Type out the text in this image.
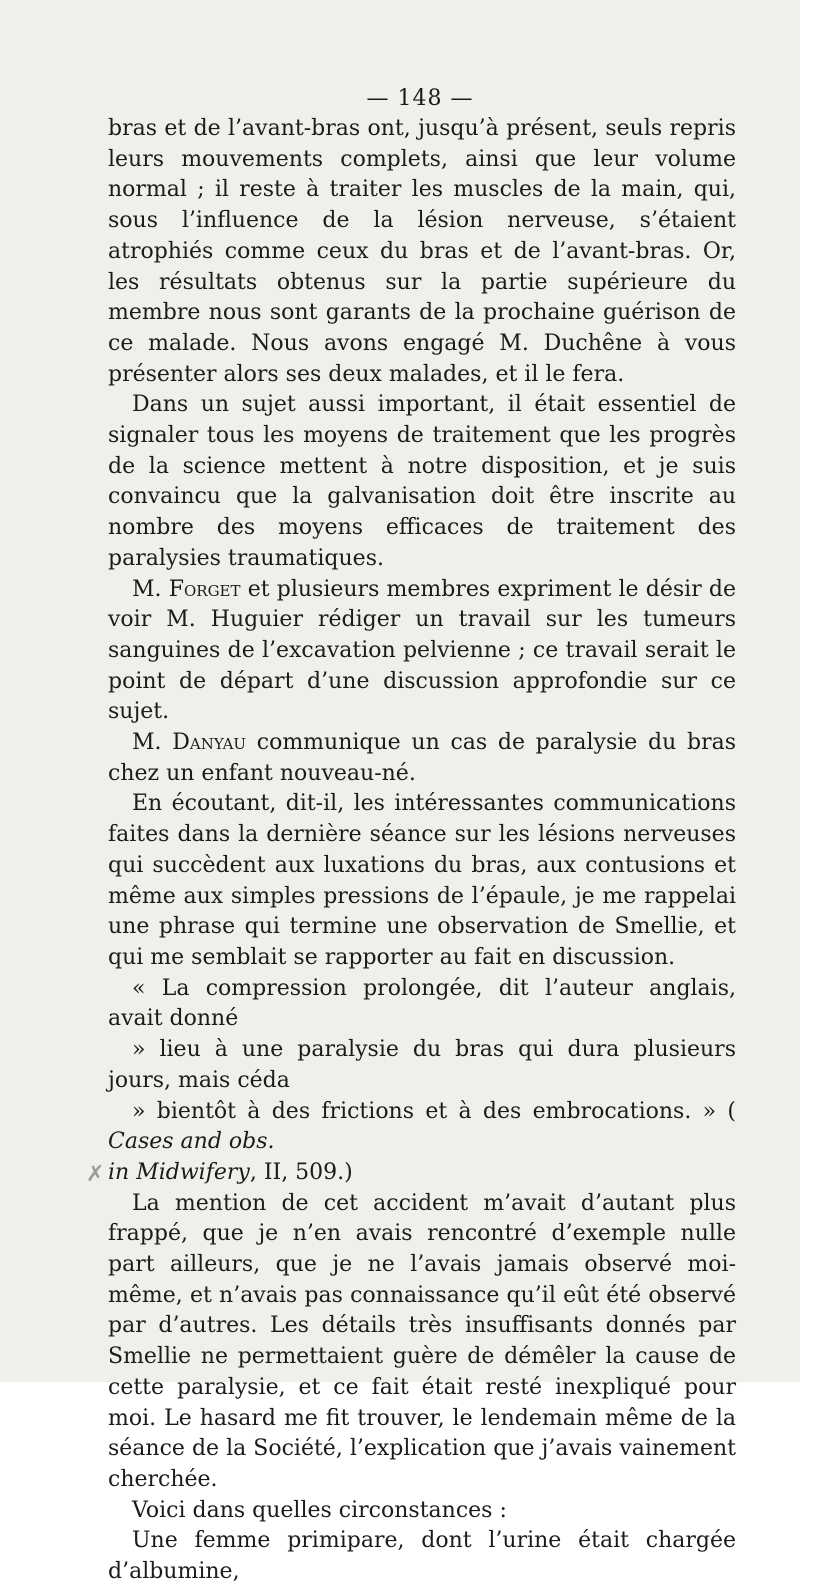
— 148 —
✗

bras et de l’avant-bras ont, jusqu’à présent, seuls repris leurs mouvements complets, ainsi que leur volume normal ; il reste à traiter les muscles de la main, qui, sous l’influence de la lésion nerveuse, s’étaient atrophiés comme ceux du bras et de l’avant-bras. Or, les résultats obtenus sur la partie supérieure du membre nous sont garants de la prochaine guérison de ce malade. Nous avons engagé M. Duchêne à vous présenter alors ses deux malades, et il le fera.

Dans un sujet aussi important, il était essentiel de signaler tous les moyens de traitement que les progrès de la science mettent à notre disposition, et je suis convaincu que la galvanisation doit être inscrite au nombre des moyens efficaces de traitement des paralysies traumatiques.

M. Forget et plusieurs membres expriment le désir de voir M. Huguier rédiger un travail sur les tumeurs sanguines de l’excavation pelvienne ; ce travail serait le point de départ d’une discussion approfondie sur ce sujet.

M. Danyau communique un cas de paralysie du bras chez un enfant nouveau-né.

En écoutant, dit-il, les intéressantes communications faites dans la dernière séance sur les lésions nerveuses qui succèdent aux luxations du bras, aux contusions et même aux simples pressions de l’épaule, je me rappelai une phrase qui termine une observation de Smellie, et qui me semblait se rapporter au fait en discussion.

« La compression prolongée, dit l’auteur anglais, avait donné
» lieu à une paralysie du bras qui dura plusieurs jours, mais céda
» bientôt à des frictions et à des embrocations. » ( Cases and obs.
in Midwifery, II, 509.)

La mention de cet accident m’avait d’autant plus frappé, que je n’en avais rencontré d’exemple nulle part ailleurs, que je ne l’avais jamais observé moi-même, et n’avais pas connaissance qu’il eût été observé par d’autres. Les détails très insuffisants donnés par Smellie ne permettaient guère de démêler la cause de cette paralysie, et ce fait était resté inexpliqué pour moi. Le hasard me fit trouver, le lendemain même de la séance de la Société, l’explication que j’avais vainement cherchée.

Voici dans quelles circonstances :

Une femme primipare, dont l’urine était chargée d’albumine,
